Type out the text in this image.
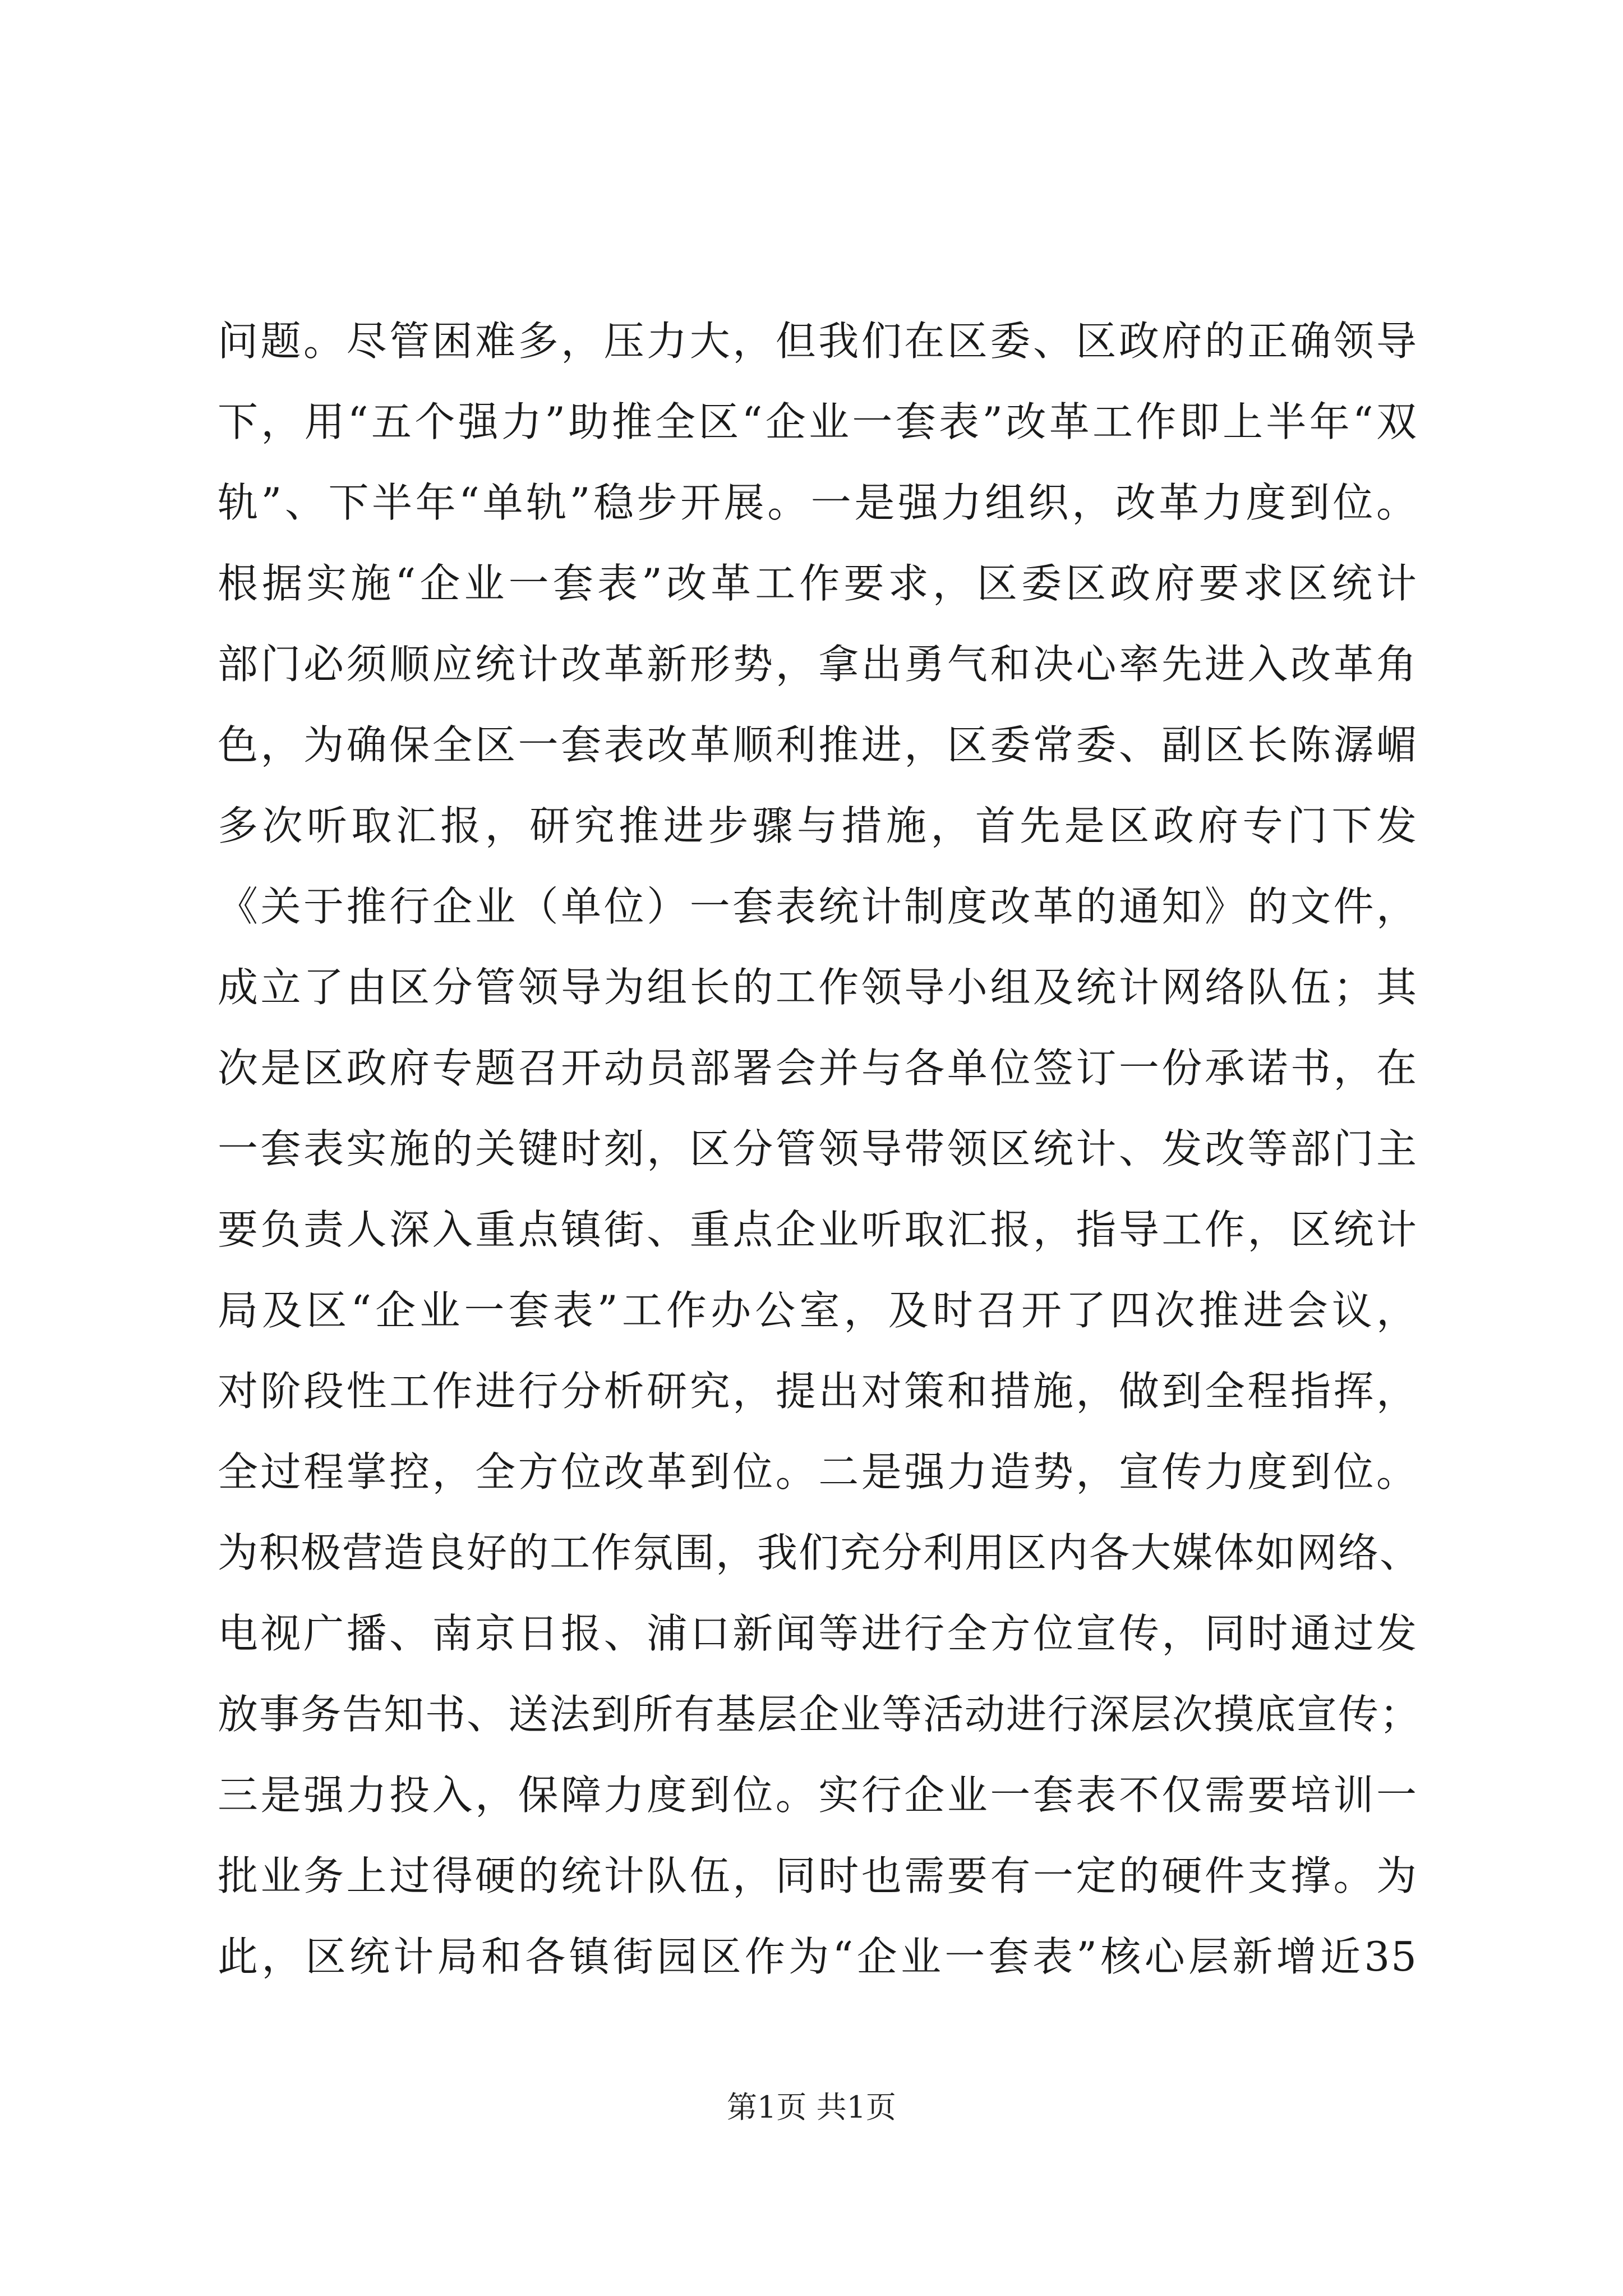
问题。尽管困难多，压力大，但我们在区委、区政府的正确领导
下，用“五个强力”助推全区“企业一套表”改革工作即上半年“双
轨”、下半年“单轨”稳步开展。一是强力组织，改革力度到位。
根据实施“企业一套表”改革工作要求，区委区政府要求区统计
部门必须顺应统计改革新形势，拿出勇气和决心率先进入改革角
色，为确保全区一套表改革顺利推进，区委常委、副区长陈潺嵋
多次听取汇报，研究推进步骤与措施，首先是区政府专门下发
《关于推行企业（单位）一套表统计制度改革的通知》的文件，
成立了由区分管领导为组长的工作领导小组及统计网络队伍；其
次是区政府专题召开动员部署会并与各单位签订一份承诺书，在
一套表实施的关键时刻，区分管领导带领区统计、发改等部门主
要负责人深入重点镇街、重点企业听取汇报，指导工作，区统计
局及区“企业一套表”工作办公室，及时召开了四次推进会议，
对阶段性工作进行分析研究，提出对策和措施，做到全程指挥，
全过程掌控，全方位改革到位。二是强力造势，宣传力度到位。
为积极营造良好的工作氛围，我们充分利用区内各大媒体如网络、
电视广播、南京日报、浦口新闻等进行全方位宣传，同时通过发
放事务告知书、送法到所有基层企业等活动进行深层次摸底宣传；
三是强力投入，保障力度到位。实行企业一套表不仅需要培训一
批业务上过得硬的统计队伍，同时也需要有一定的硬件支撑。为
此，区统计局和各镇街园区作为“企业一套表”核心层新增近35
第1页 共1页
